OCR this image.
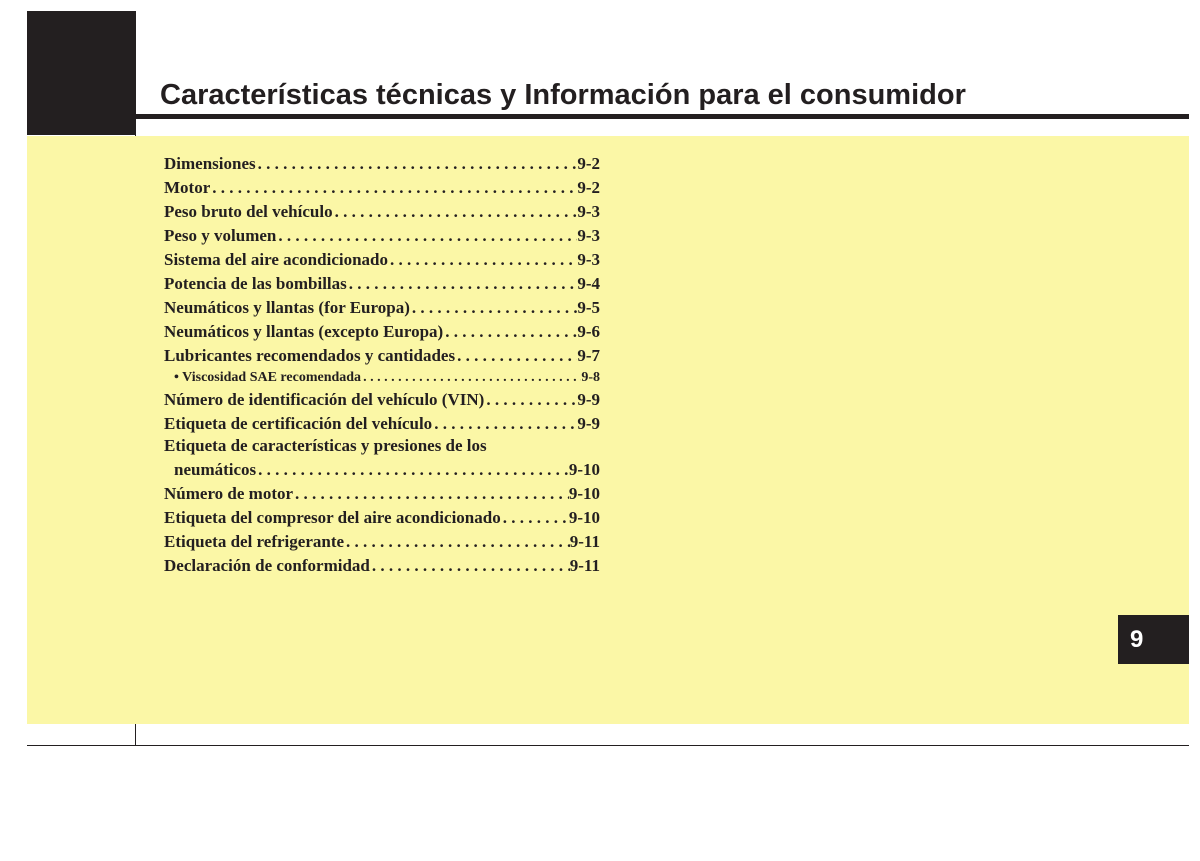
Características técnicas y Información para el consumidor
Dimensiones . . .	9-2
Motor . . .	9-2
Peso bruto del vehículo . . .	9-3
Peso y volumen . . .	9-3
Sistema del aire acondicionado . . .	9-3
Potencia de las bombillas . . .	9-4
Neumáticos y llantas (for Europa) . . .	9-5
Neumáticos y llantas (excepto Europa) . . .	9-6
Lubricantes recomendados y cantidades . . .	9-7
• Viscosidad SAE recomendada . . .	9-8
Número de identificación del vehículo (VIN) . . .	9-9
Etiqueta de certificación del vehículo . . .	9-9
Etiqueta de características y presiones de los
neumáticos . . .	9-10
Número de motor . . .	9-10
Etiqueta del compresor del aire acondicionado . . .	9-10
Etiqueta del refrigerante . . .	9-11
Declaración de conformidad . . .	9-11
9
